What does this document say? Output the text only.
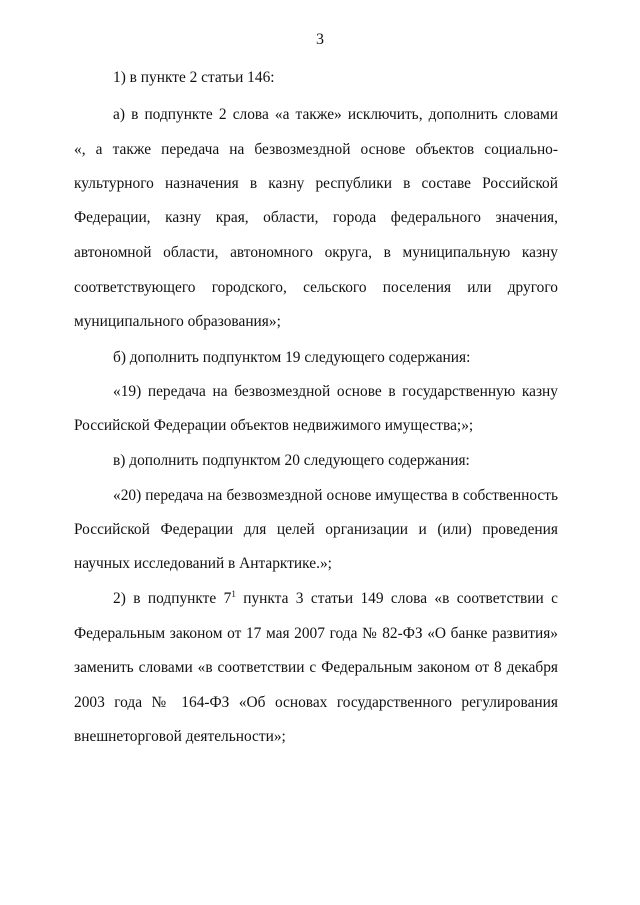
3
1) в пункте 2 статьи 146:
а) в подпункте 2 слова «а также» исключить, дополнить словами
«, а также передача на безвозмездной основе объектов социально-
культурного назначения в казну республики в составе Российской
Федерации, казну края, области, города федерального значения,
автономной области, автономного округа, в муниципальную казну
соответствующего городского, сельского поселения или другого
муниципального образования»;
б) дополнить подпунктом 19 следующего содержания:
«19) передача на безвозмездной основе в государственную казну
Российской Федерации объектов недвижимого имущества;»;
в) дополнить подпунктом 20 следующего содержания:
«20) передача на безвозмездной основе имущества в собственность
Российской Федерации для целей организации и (или) проведения
научных исследований в Антарктике.»;
2) в подпункте $7^1$ пункта 3 статьи 149 слова «в соответствии с
Федеральным законом от 17 мая 2007 года № 82-ФЗ «О банке развития»
заменить словами «в соответствии с Федеральным законом от 8 декабря
2003 года № 164-ФЗ «Об основах государственного регулирования
внешнеторговой деятельности»;
